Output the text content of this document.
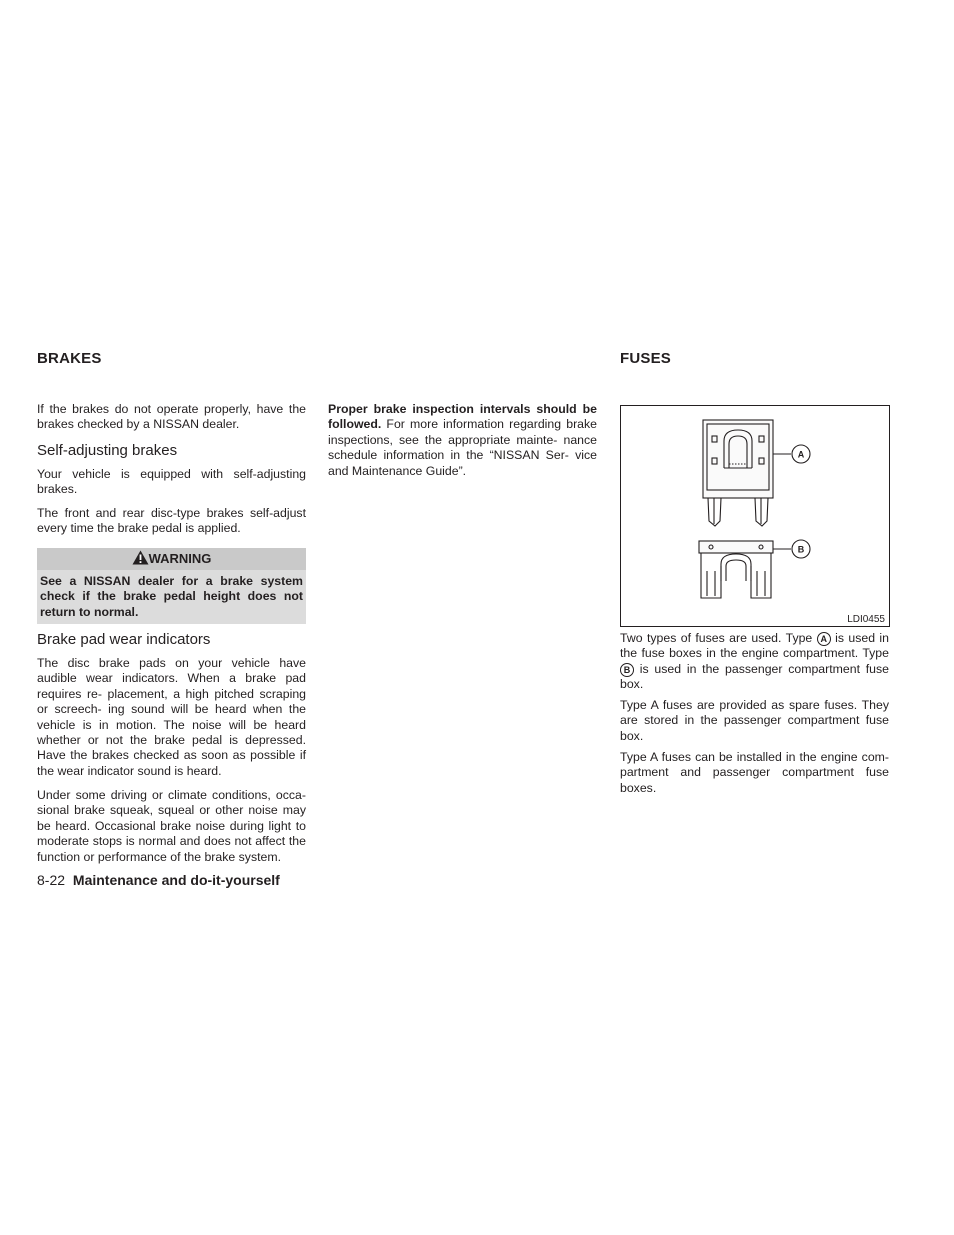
BRAKES

If the brakes do not operate properly, have the brakes checked by a NISSAN dealer.

Self-adjusting brakes

Your vehicle is equipped with self-adjusting brakes.

The front and rear disc-type brakes self-adjust every time the brake pedal is applied.

WARNING
See a NISSAN dealer for a brake system check if the brake pedal height does not return to normal.
Brake pad wear indicators

The disc brake pads on your vehicle have audible wear indicators. When a brake pad requires re- placement, a high pitched scraping or screech- ing sound will be heard when the vehicle is in motion. The noise will be heard whether or not the brake pedal is depressed. Have the brakes checked as soon as possible if the wear indicator sound is heard.

Under some driving or climate conditions, occa- sional brake squeak, squeal or other noise may be heard. Occasional brake noise during light to moderate stops is normal and does not affect the function or performance of the brake system.

8-22 Maintenance and do-it-yourself

Proper brake inspection intervals should be followed. For more information regarding brake inspections, see the appropriate mainte- nance schedule information in the “NISSAN Ser- vice and Maintenance Guide”.

FUSES
A
B
LDI0455

Two types of fuses are used. Type A is used in the fuse boxes in the engine compartment. Type B is used in the passenger compartment fuse box.

Type A fuses are provided as spare fuses. They are stored in the passenger compartment fuse box.

Type A fuses can be installed in the engine com- partment and passenger compartment fuse boxes.
